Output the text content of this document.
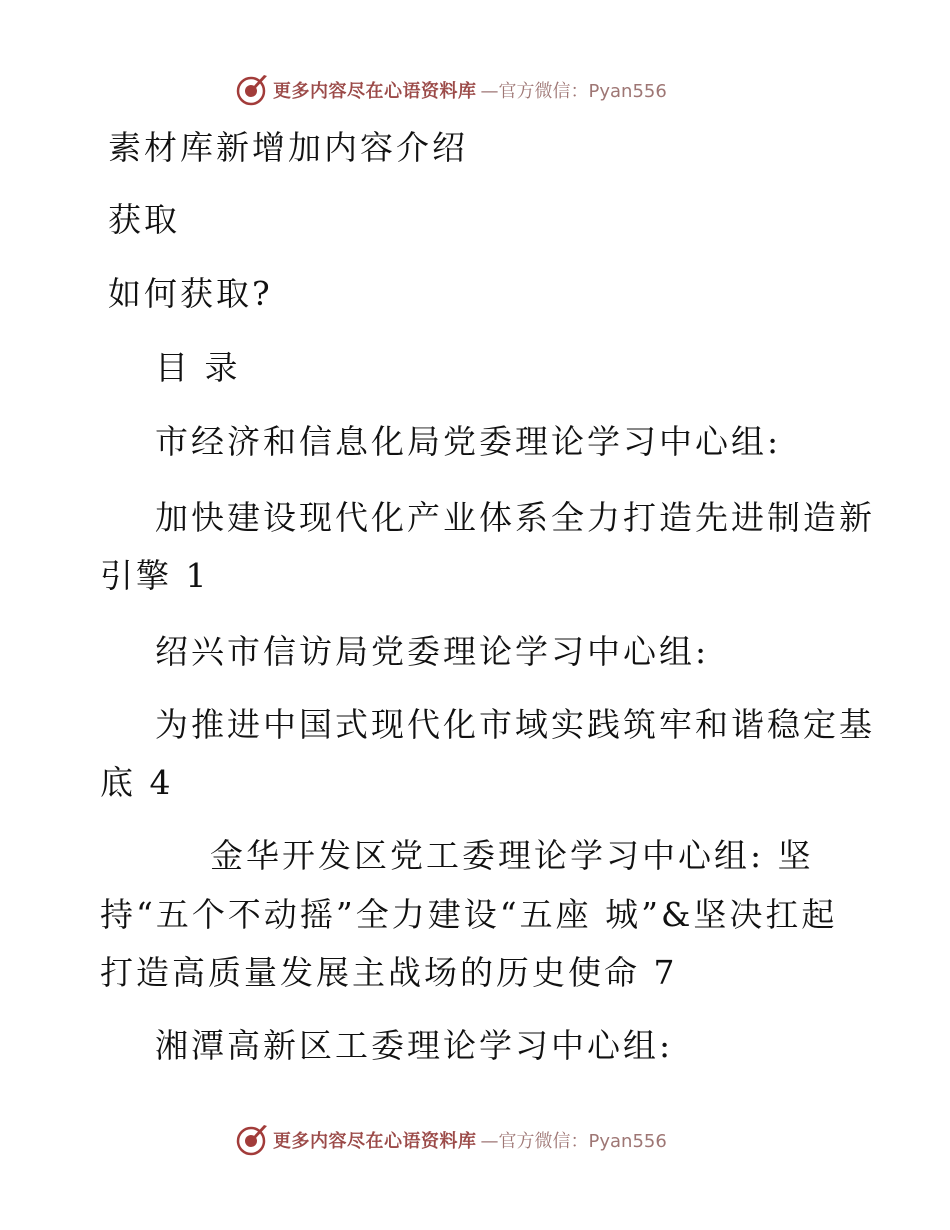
更多内容尽在心语资料库 —官方微信：Pyan556
素材库新增加内容介绍
获取
如何获取?
目 录
市经济和信息化局党委理论学习中心组:
加快建设现代化产业体系全力打造先进制造新
引擎 1
绍兴市信访局党委理论学习中心组:
为推进中国式现代化市域实践筑牢和谐稳定基
底 4
金华开发区党工委理论学习中心组: 坚
持“五个不动摇”全力建设“五座 城”&坚决扛起
打造高质量发展主战场的历史使命 7
湘潭高新区工委理论学习中心组:
更多内容尽在心语资料库 —官方微信：Pyan556
